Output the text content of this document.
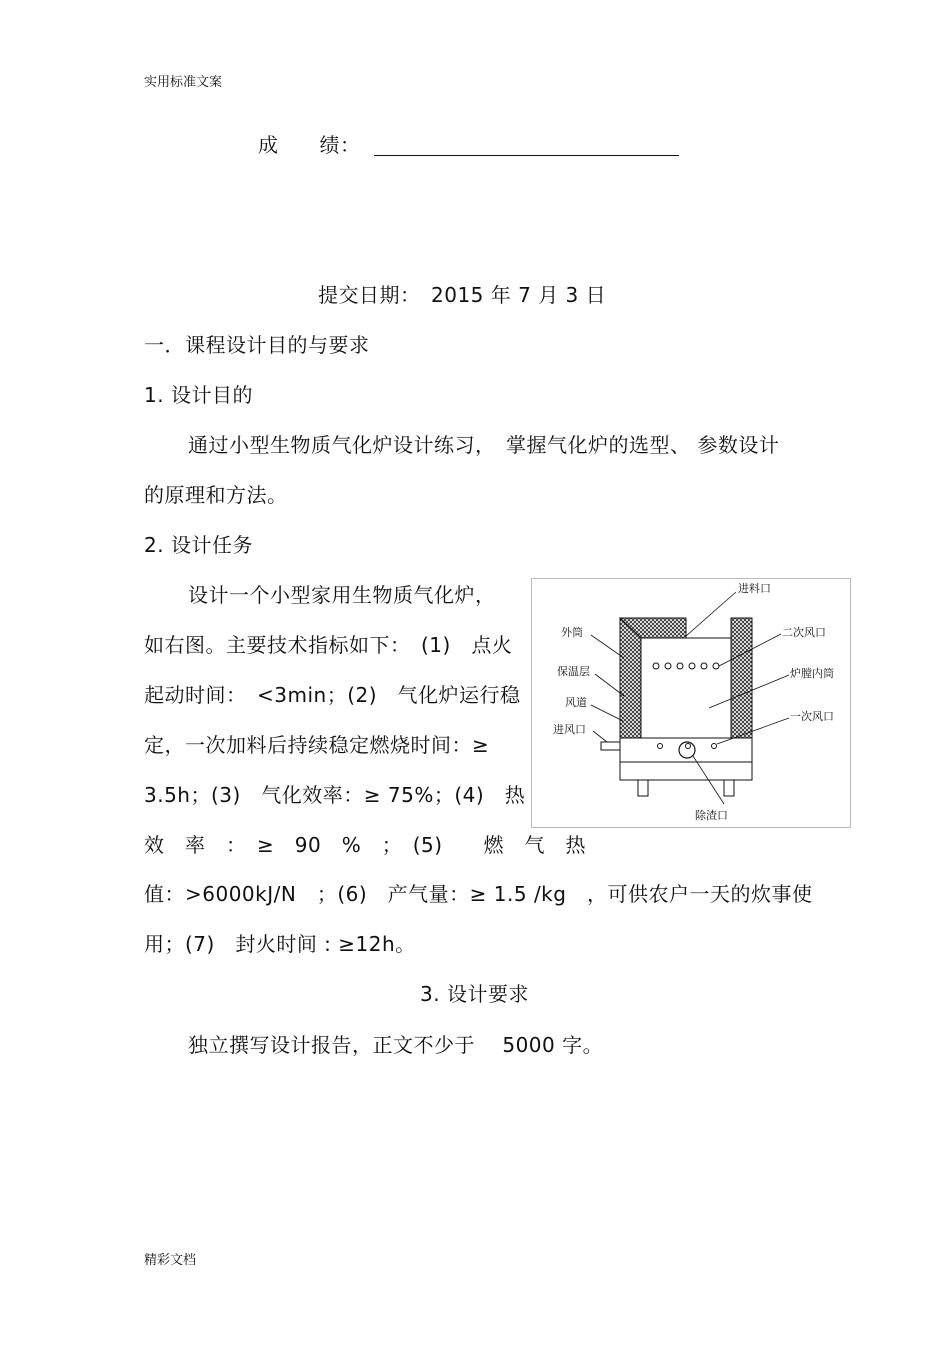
实用标准文案
成　　绩：
提交日期：　2015 年 7 月 3 日
一．课程设计目的与要求
1. 设计目的
通过小型生物质气化炉设计练习，　掌握气化炉的选型、 参数设计
的原理和方法。
2. 设计任务
设计一个小型家用生物质气化炉，
如右图。主要技术指标如下：　(1)　点火
起动时间：　<3min；(2)　气化炉运行稳
定，一次加料后持续稳定燃烧时间：≥
3.5h；(3)　气化效率：≥ 75%；(4)　热
效　率　：　≥　90　%　；　(5)　　燃　气　热
值：>6000kJ/N　；(6)　产气量：≥ 1.5 /kg　，可供农户一天的炊事使
用；(7)　封火时间 : ≥12h。
3. 设计要求
独立撰写设计报告，正文不少于　 5000 字。
进料口
外筒	二次风口
保温层	炉膛内筒
风道
一次风口
进风口
除渣口
精彩文档
